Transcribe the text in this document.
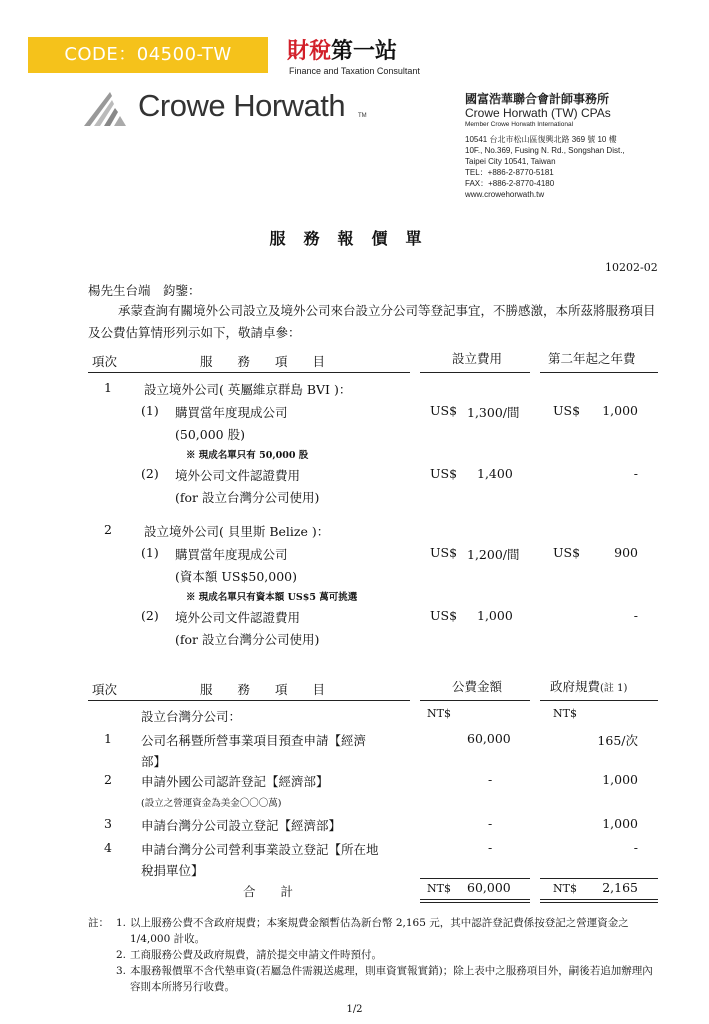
CODE：04500-TW	財稅第一站
Finance and Taxation Consultant
Crowe Horwath TM
國富浩華聯合會計師事務所
Crowe Horwath (TW) CPAs
Member Crowe Horwath International
10541 台北市松山區復興北路 369 號 10 樓
10F., No.369, Fusing N. Rd., Songshan Dist.,
Taipei City 10541, Taiwan
TEL：+886-2-8770-5181
FAX：+886-2-8770-4180
www.crowehorwath.tw
服務報價單
10202-02
楊先生台端　鈞鑒：
承蒙查詢有關境外公司設立及境外公司來台設立分公司等登記事宜，不勝感激，本所茲將服務項目及公費估算情形列示如下，敬請卓參：
項次	服　　務　　項　　目	設立費用	第二年起之年費
1	設立境外公司( 英屬維京群島 BVI )：
(1) 購買當年度現成公司	US$ 1,300/間	US$	1,000
(50,000 股)
※ 現成名單只有 50,000 股
(2) 境外公司文件認證費用	US$ 1,400	-
(for 設立台灣分公司使用)
2	設立境外公司( 貝里斯 Belize )：
(1) 購買當年度現成公司	US$ 1,200/間	US$	900
(資本額 US$50,000)
※ 現成名單只有資本額 US$5 萬可挑選
(2) 境外公司文件認證費用	US$ 1,000	-
(for 設立台灣分公司使用)
項次	服　　務　　項　　目	公費金額	政府規費(註 1)
設立台灣分公司：	NT$	NT$
1 公司名稱暨所營事業項目預查申請【經濟
部】
60,000	165/次
2 申請外國公司認許登記【經濟部】	-	1,000
(設立之營運資金為美金〇〇〇萬)
3 申請台灣分公司設立登記【經濟部】	-	1,000
4 申請台灣分公司營利事業設立登記【所在地
稅捐單位】
-	-
合　　計	NT$ 60,000	NT$	2,165
註： 1. 以上服務公費不含政府規費；本案規費金額暫估為新台幣 2,165 元，其中認許登記費係按登記之營運資金之 1/4,000 計收。
2. 工商服務公費及政府規費，請於提交申請文件時預付。
3. 本服務報價單不含代墊車資(若屬急件需親送處理，則車資實報實銷)；除上表中之服務項目外，嗣後若追加辦理內容則本所將另行收費。
1/2
